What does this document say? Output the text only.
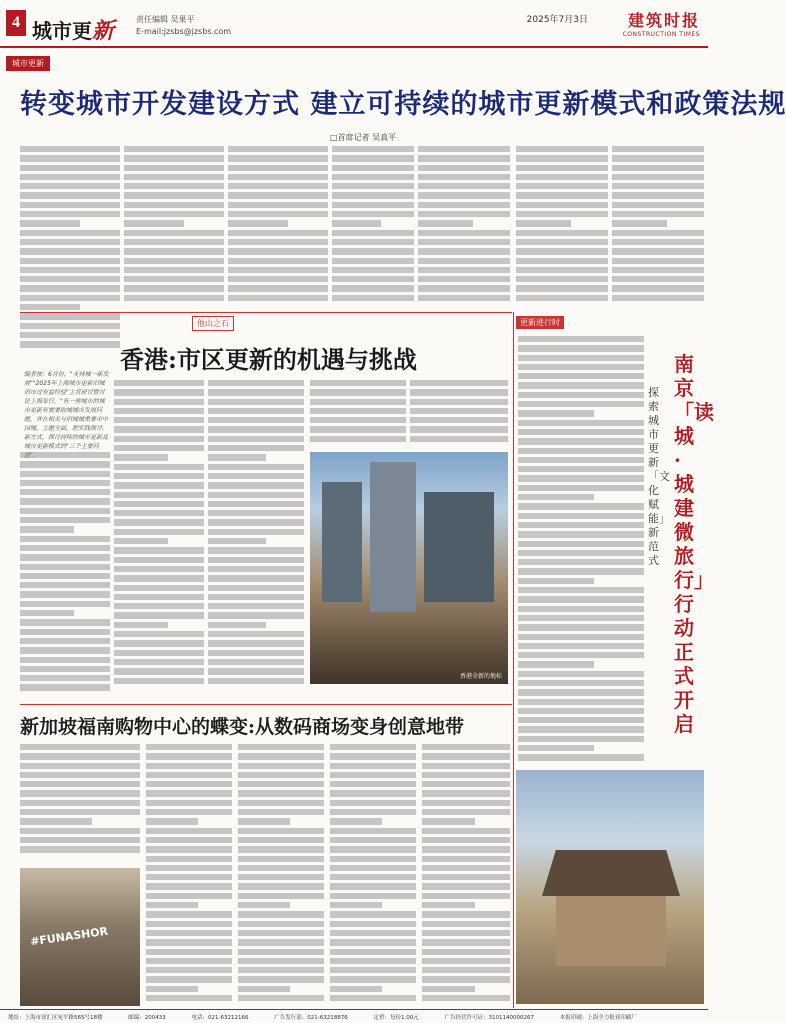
4 城市更新	责任编辑 吴果平
E-mail:jzsbs@jzsbs.com
2025年7月3日	建筑时报
CONSTRUCTION TIMES
城市更新
转变城市开发建设方式 建立可持续的城市更新模式和政策法规
□首席记者 吴真平
编者按：6月份，"支持城一新发展""2025年上海城市更新旧城旧市过有益经验"主旨研讨暨讨论上海举行，"有一座城市的城市更新有需要取城城市发展问题，并在相关与旧城城重要市中国城。主题全面，把实践探讨。新方式，探讨持续的城市更新及城市更新模式的"三个主要问
他山之石
香港:市区更新的机遇与挑战
香港全新的地标
新加坡福南购物中心的蝶变:从数码商场变身创意地带
#FUNASHOR
更新进行时
南京「读城·城建微旅行」行动正式开启
探索城市更新「文化赋能」新范式
地址：上海市徐汇区宛平路565号18楼	邮编：200433	电话：021-63212166	广告发行部：021-63218876	定价：每份1.00元	广告经营许可证：3101140000267	本报印刷：上海全力报业印刷厂
